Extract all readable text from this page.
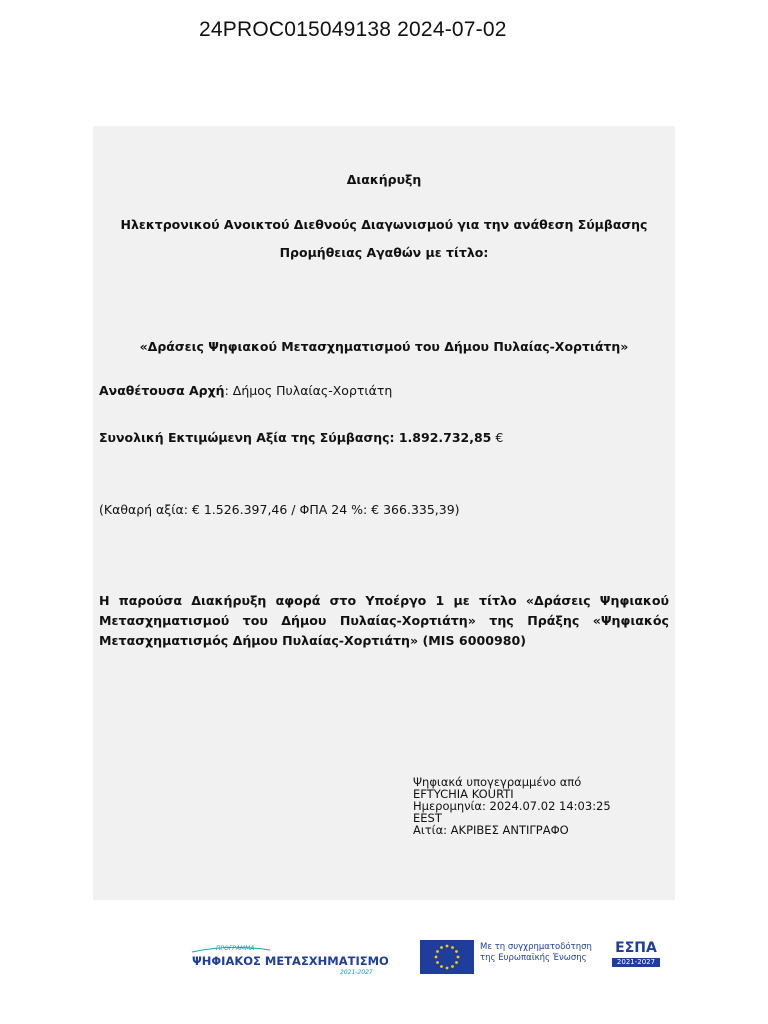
24PROC015049138 2024-07-02
Διακήρυξη
Ηλεκτρονικού Ανοικτού Διεθνούς Διαγωνισμού για την ανάθεση Σύμβασης
Προμήθειας Αγαθών με τίτλο:
«Δράσεις Ψηφιακού Μετασχηματισμού του Δήμου Πυλαίας-Χορτιάτη»
Αναθέτουσα Αρχή: Δήμος Πυλαίας-Χορτιάτη
Συνολική Εκτιμώμενη Αξία της Σύμβασης: 1.892.732,85 €
(Καθαρή αξία: € 1.526.397,46 / ΦΠΑ 24 %: € 366.335,39)
Η παρούσα Διακήρυξη αφορά στο Υποέργο 1 με τίτλο «Δράσεις Ψηφιακού Μετασχηματισμού του Δήμου Πυλαίας-Χορτιάτη» της Πράξης «Ψηφιακός Μετασχηματισμός Δήμου Πυλαίας-Χορτιάτη» (MIS 6000980)
Ψηφιακά υπογεγραμμένο από
EFTYCHIA KOURTI
Ημερομηνία: 2024.07.02 14:03:25
EEST
Αιτία: ΑΚΡΙΒΕΣ ΑΝΤΙΓΡΑΦΟ
ΠΡΟΓΡΑΜΜΑ
ΨΗΦΙΑΚΟΣ ΜΕΤΑΣΧΗΜΑΤΙΣΜΟΣ
2021-2027
Με τη συγχρηματοδότηση
της Ευρωπαϊκής Ένωσης
ΕΣΠΑ
2021-2027
